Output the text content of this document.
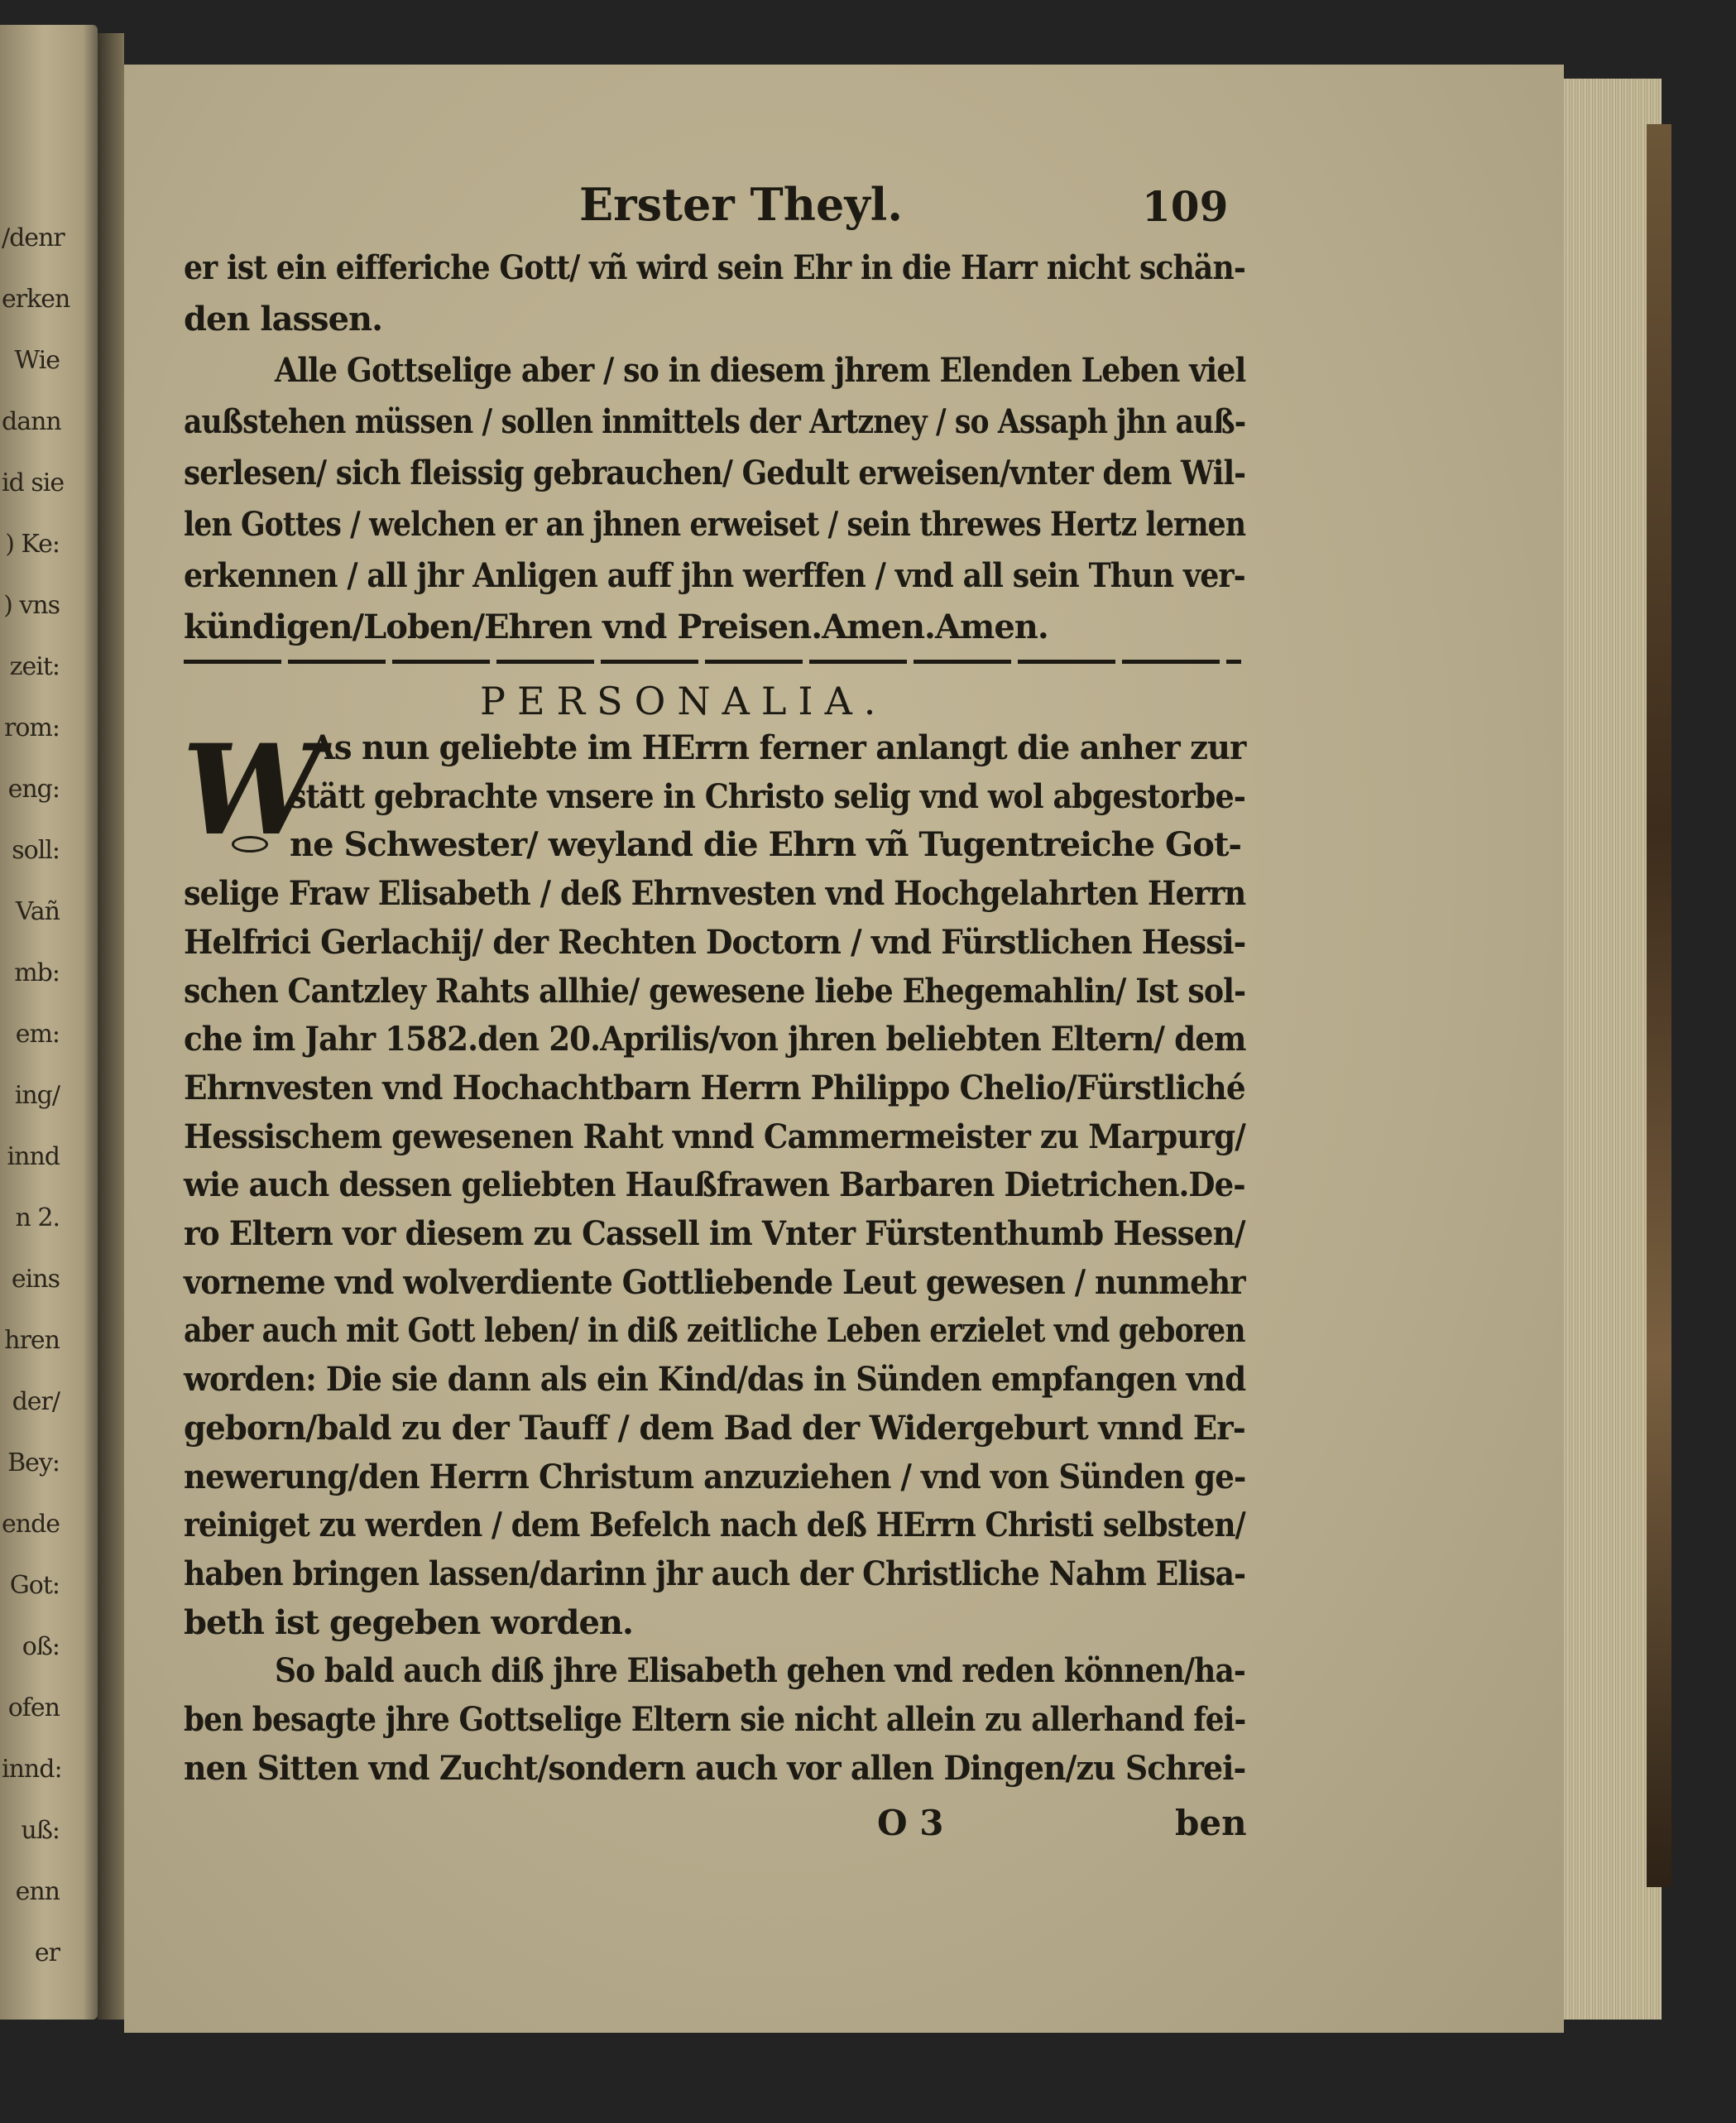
/denr
erken
Wie
dann
id sie
) Ke:
) vns
zeit:
rom:
eng:
soll:
Vañ
mb:
em:
ing/
innd
n 2.
eins
hren
der/
Bey:
ende
Got:
oß:
ofen
innd:
uß:
enn
er
Erster Theyl.	109
er ist ein eifferiche Gott/ vñ wird sein Ehr in die Harr nicht schän-
den lassen.
Alle Gottselige aber / so in diesem jhrem Elenden Leben viel
außstehen müssen / sollen inmittels der Artzney / so Assaph jhn auß-
serlesen/ sich fleissig gebrauchen/ Gedult erweisen/vnter dem Wil-
len Gottes / welchen er an jhnen erweiset / sein threwes Hertz lernen
erkennen / all jhr Anligen auff jhn werffen / vnd all sein Thun ver-
kündigen/Loben/Ehren vnd Preisen.Amen.Amen.
PERSONALIA.
W
As nun geliebte im HErrn ferner anlangt die anher zur
stätt gebrachte vnsere in Christo selig vnd wol abgestorbe-
ne Schwester/ weyland die Ehrn vñ Tugentreiche Got-
selige Fraw Elisabeth / deß Ehrnvesten vnd Hochgelahrten Herrn
Helfrici Gerlachij/ der Rechten Doctorn / vnd Fürstlichen Hessi-
schen Cantzley Rahts allhie/ gewesene liebe Ehegemahlin/ Ist sol-
che im Jahr 1582.den 20.Aprilis/von jhren beliebten Eltern/ dem
Ehrnvesten vnd Hochachtbarn Herrn Philippo Chelio/Fürstliché
Hessischem gewesenen Raht vnnd Cammermeister zu Marpurg/
wie auch dessen geliebten Haußfrawen Barbaren Dietrichen.De-
ro Eltern vor diesem zu Cassell im Vnter Fürstenthumb Hessen/
vorneme vnd wolverdiente Gottliebende Leut gewesen / nunmehr
aber auch mit Gott leben/ in diß zeitliche Leben erzielet vnd geboren
worden: Die sie dann als ein Kind/das in Sünden empfangen vnd
geborn/bald zu der Tauff / dem Bad der Widergeburt vnnd Er-
newerung/den Herrn Christum anzuziehen / vnd von Sünden ge-
reiniget zu werden / dem Befelch nach deß HErrn Christi selbsten/
haben bringen lassen/darinn jhr auch der Christliche Nahm Elisa-
beth ist gegeben worden.
So bald auch diß jhre Elisabeth gehen vnd reden können/ha-
ben besagte jhre Gottselige Eltern sie nicht allein zu allerhand fei-
nen Sitten vnd Zucht/sondern auch vor allen Dingen/zu Schrei-
O 3	ben
